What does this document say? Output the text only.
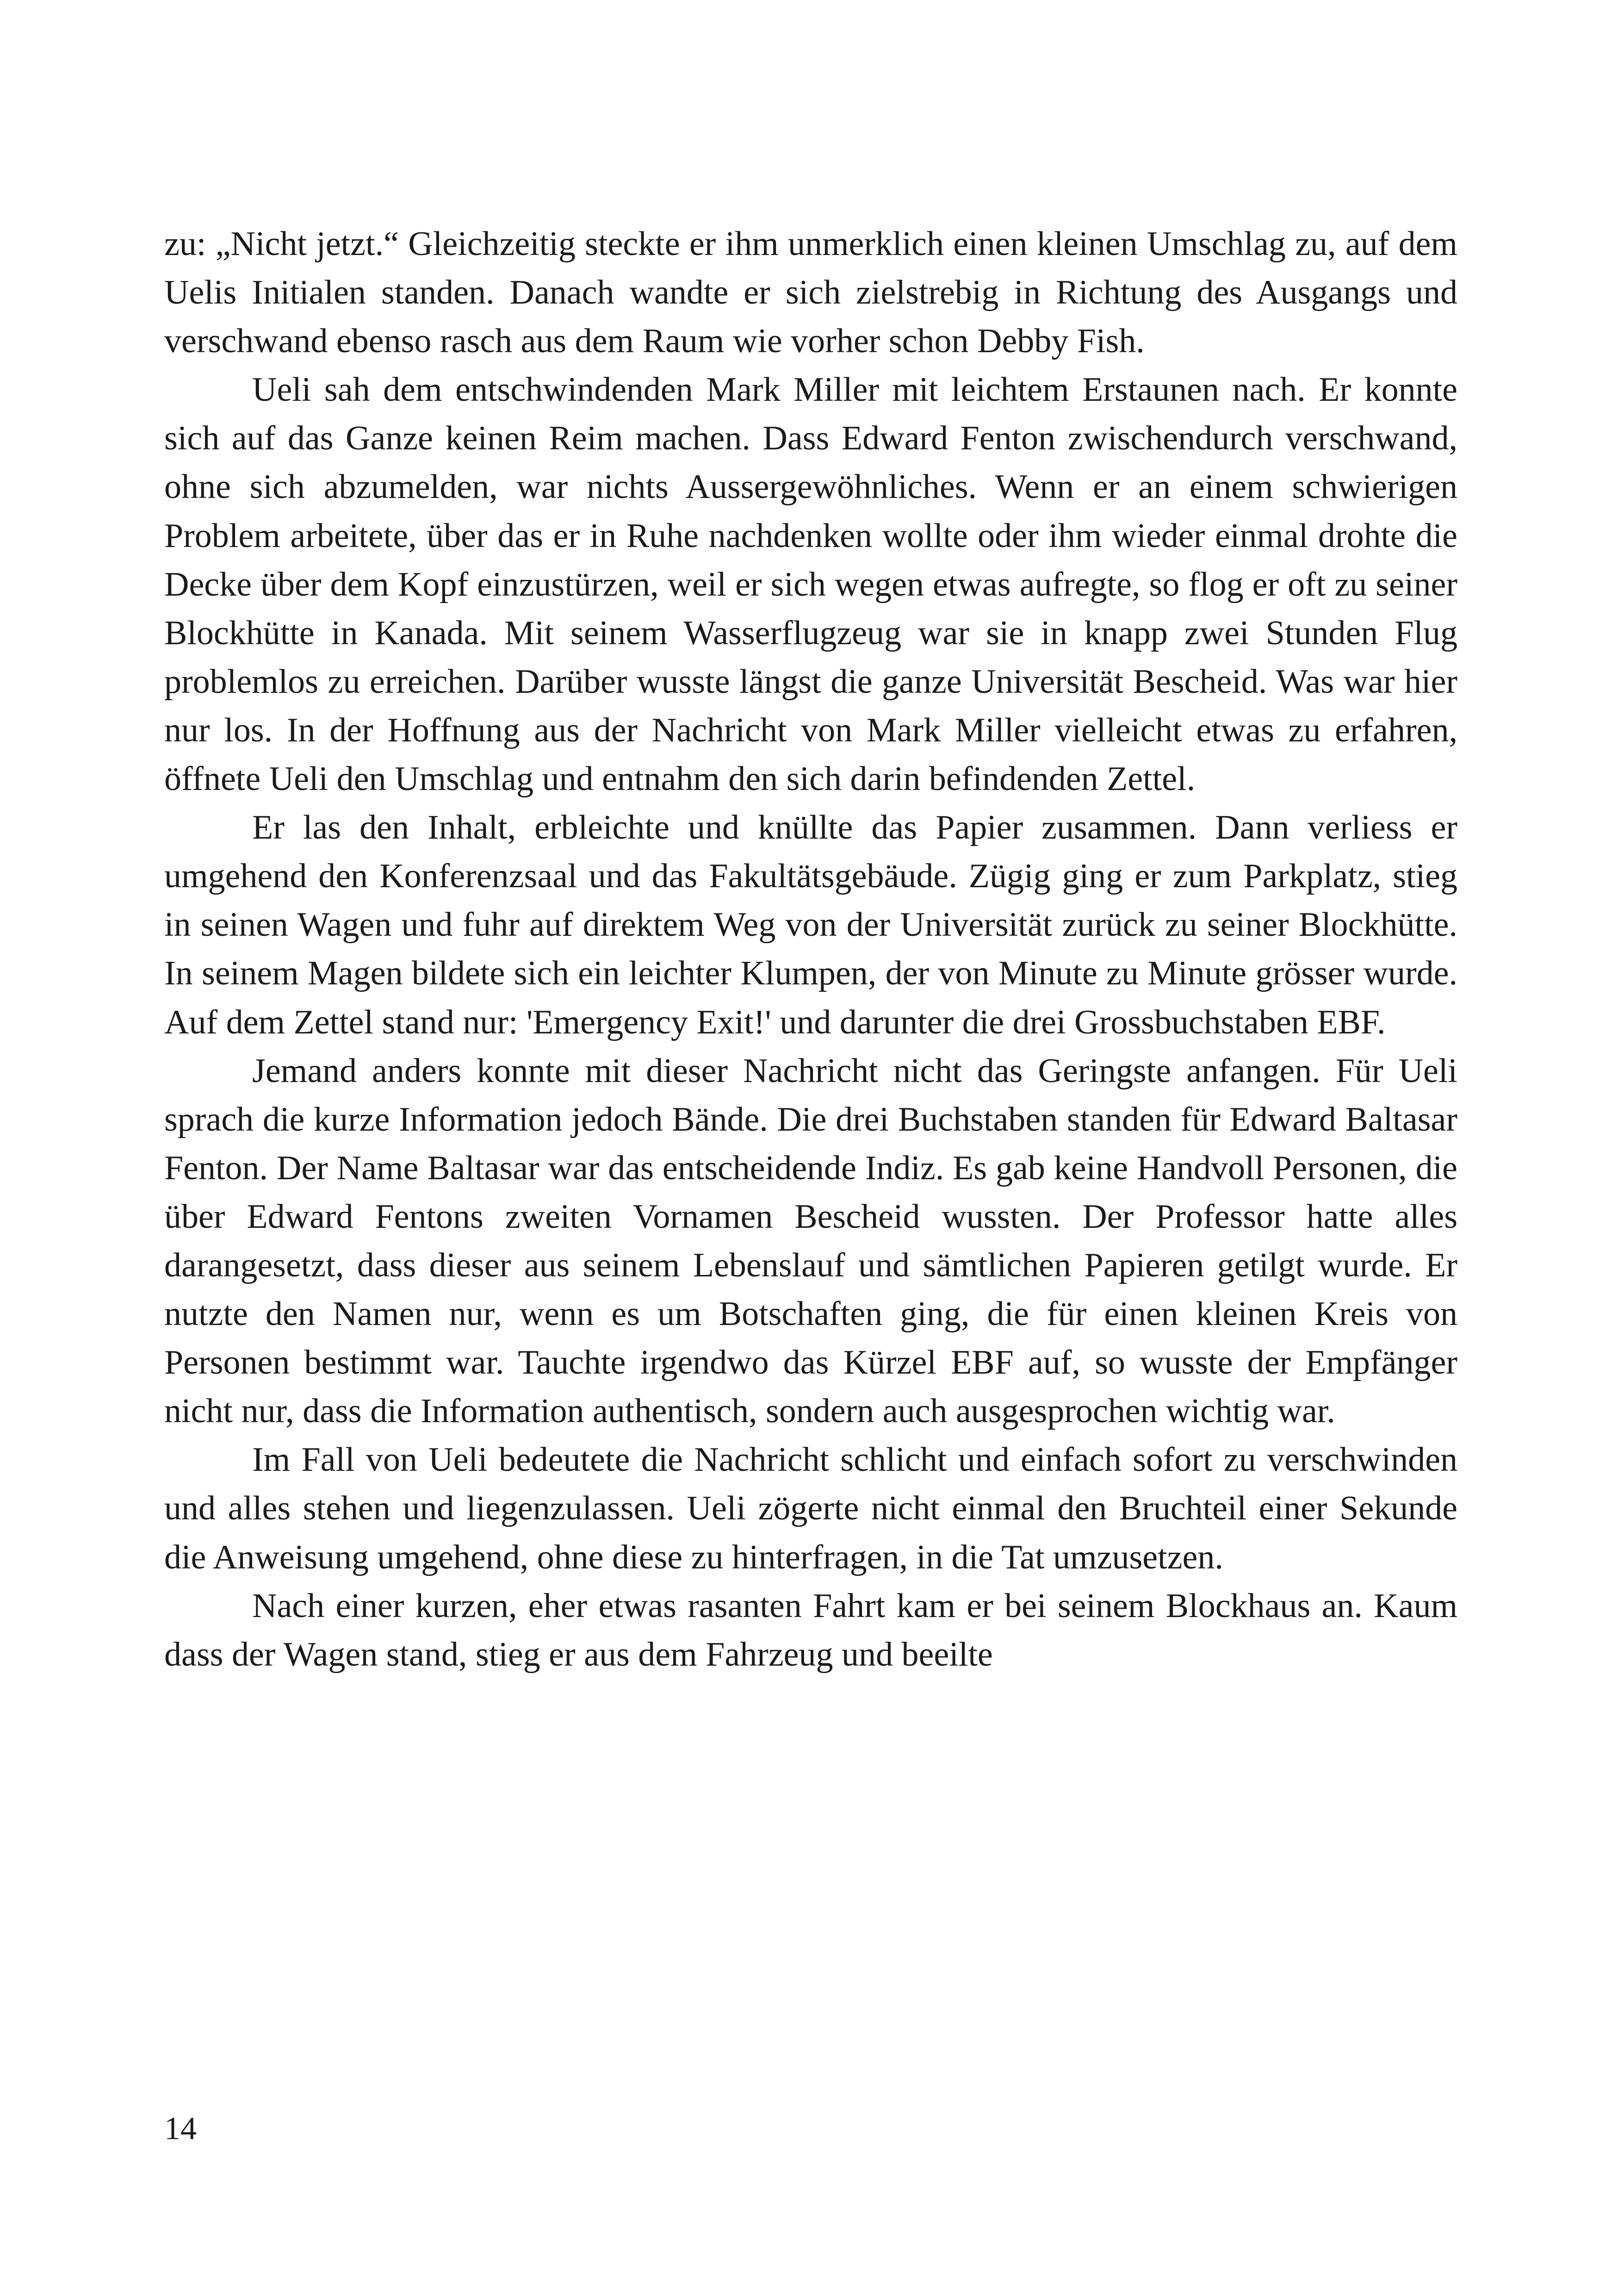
zu: „Nicht jetzt.“ Gleichzeitig steckte er ihm unmerklich einen kleinen Umschlag zu, auf dem Uelis Initialen standen. Danach wandte er sich zielstrebig in Richtung des Ausgangs und verschwand ebenso rasch aus dem Raum wie vorher schon Debby Fish.

Ueli sah dem entschwindenden Mark Miller mit leichtem Erstaunen nach. Er konnte sich auf das Ganze keinen Reim machen. Dass Edward Fenton zwischendurch verschwand, ohne sich abzumelden, war nichts Aussergewöhnliches. Wenn er an einem schwierigen Problem arbeitete, über das er in Ruhe nachdenken wollte oder ihm wieder einmal drohte die Decke über dem Kopf einzustürzen, weil er sich wegen etwas aufregte, so flog er oft zu seiner Blockhütte in Kanada. Mit seinem Wasserflugzeug war sie in knapp zwei Stunden Flug problemlos zu erreichen. Darüber wusste längst die ganze Universität Bescheid. Was war hier nur los. In der Hoffnung aus der Nachricht von Mark Miller vielleicht etwas zu erfahren, öffnete Ueli den Umschlag und entnahm den sich darin befindenden Zettel.

Er las den Inhalt, erbleichte und knüllte das Papier zusammen. Dann verliess er umgehend den Konferenzsaal und das Fakultätsgebäude. Zügig ging er zum Parkplatz, stieg in seinen Wagen und fuhr auf direktem Weg von der Universität zurück zu seiner Blockhütte. In seinem Magen bildete sich ein leichter Klumpen, der von Minute zu Minute grösser wurde. Auf dem Zettel stand nur: 'Emergency Exit!' und darunter die drei Grossbuchstaben EBF.

Jemand anders konnte mit dieser Nachricht nicht das Geringste anfangen. Für Ueli sprach die kurze Information jedoch Bände. Die drei Buchstaben standen für Edward Baltasar Fenton. Der Name Baltasar war das entscheidende Indiz. Es gab keine Handvoll Personen, die über Edward Fentons zweiten Vornamen Bescheid wussten. Der Professor hatte alles darangesetzt, dass dieser aus seinem Lebenslauf und sämtlichen Papieren getilgt wurde. Er nutzte den Namen nur, wenn es um Botschaften ging, die für einen kleinen Kreis von Personen bestimmt war. Tauchte irgendwo das Kürzel EBF auf, so wusste der Empfänger nicht nur, dass die Information authentisch, sondern auch ausgesprochen wichtig war.

Im Fall von Ueli bedeutete die Nachricht schlicht und einfach sofort zu verschwinden und alles stehen und liegenzulassen. Ueli zögerte nicht einmal den Bruchteil einer Sekunde die Anweisung umgehend, ohne diese zu hinterfragen, in die Tat umzusetzen.

Nach einer kurzen, eher etwas rasanten Fahrt kam er bei seinem Blockhaus an. Kaum dass der Wagen stand, stieg er aus dem Fahrzeug und beeilte

14
